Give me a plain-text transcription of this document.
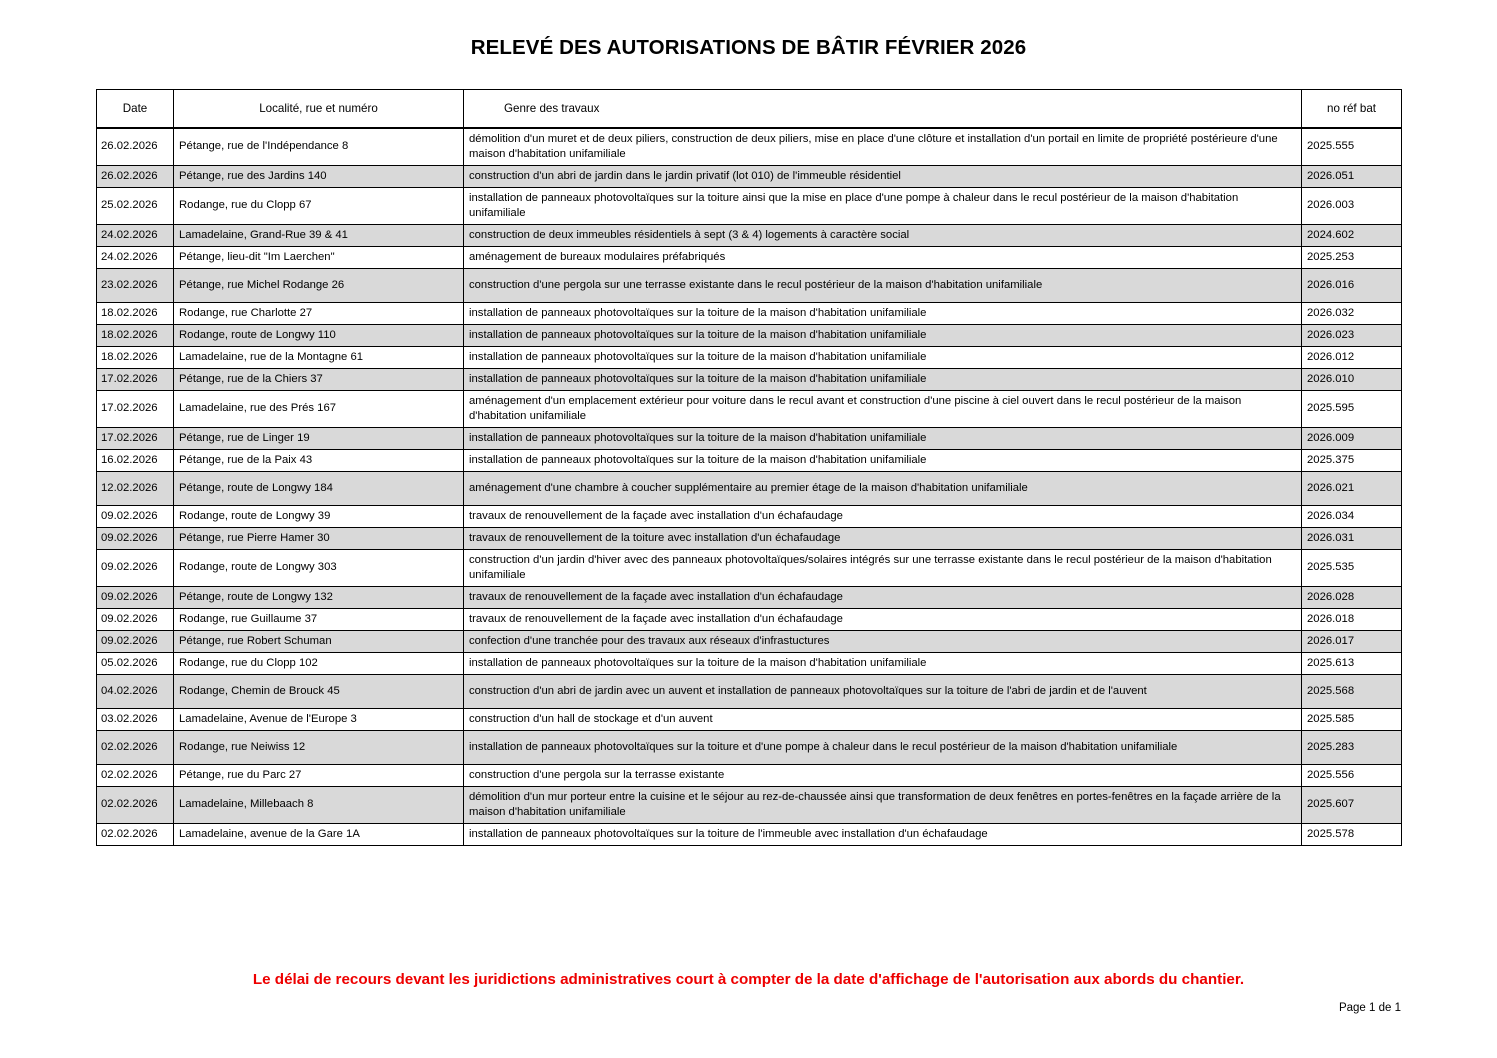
RELEVÉ DES AUTORISATIONS DE BÂTIR FÉVRIER 2026
Date	Localité, rue et numéro	Genre des travaux	no réf bat
26.02.2026	Pétange, rue de l'Indépendance 8	démolition d'un muret et de deux piliers, construction de deux piliers, mise en place d'une clôture et installation d'un portail en limite de propriété postérieure d'une maison d'habitation unifamiliale	2025.555
26.02.2026	Pétange, rue des Jardins 140	construction d'un abri de jardin dans le jardin privatif (lot 010) de l'immeuble résidentiel	2026.051
25.02.2026	Rodange, rue du Clopp 67	installation de panneaux photovoltaïques sur la toiture ainsi que la mise en place d'une pompe à chaleur dans le recul postérieur de la maison d'habitation unifamiliale	2026.003
24.02.2026	Lamadelaine, Grand-Rue 39 & 41	construction de deux immeubles résidentiels à sept (3 & 4) logements à caractère social	2024.602
24.02.2026	Pétange, lieu-dit "Im Laerchen"	aménagement de bureaux modulaires préfabriqués	2025.253
23.02.2026	Pétange, rue Michel Rodange 26	construction d'une pergola sur une terrasse existante dans le recul postérieur de la maison d'habitation unifamiliale	2026.016
18.02.2026	Rodange, rue Charlotte 27	installation de panneaux photovoltaïques sur la toiture de la maison d'habitation unifamiliale	2026.032
18.02.2026	Rodange, route de Longwy 110	installation de panneaux photovoltaïques sur la toiture de la maison d'habitation unifamiliale	2026.023
18.02.2026	Lamadelaine, rue de la Montagne 61	installation de panneaux photovoltaïques sur la toiture de la maison d'habitation unifamiliale	2026.012
17.02.2026	Pétange, rue de la Chiers 37	installation de panneaux photovoltaïques sur la toiture de la maison d'habitation unifamiliale	2026.010
17.02.2026	Lamadelaine, rue des Prés 167	aménagement d'un emplacement extérieur pour voiture dans le recul avant et construction d'une piscine à ciel ouvert dans le recul postérieur de la maison d'habitation unifamiliale	2025.595
17.02.2026	Pétange, rue de Linger 19	installation de panneaux photovoltaïques sur la toiture de la maison d'habitation unifamiliale	2026.009
16.02.2026	Pétange, rue de la Paix 43	installation de panneaux photovoltaïques sur la toiture de la maison d'habitation unifamiliale	2025.375
12.02.2026	Pétange, route de Longwy 184	aménagement d'une chambre à coucher supplémentaire au premier étage de la maison d'habitation unifamiliale	2026.021
09.02.2026	Rodange, route de Longwy 39	travaux de renouvellement de la façade avec installation d'un échafaudage	2026.034
09.02.2026	Pétange, rue Pierre Hamer 30	travaux de renouvellement de la toiture avec installation d'un échafaudage	2026.031
09.02.2026	Rodange, route de Longwy 303	construction d'un jardin d'hiver avec des panneaux photovoltaïques/solaires intégrés sur une terrasse existante dans le recul postérieur de la maison d'habitation unifamiliale	2025.535
09.02.2026	Pétange, route de Longwy 132	travaux de renouvellement de la façade avec installation d'un échafaudage	2026.028
09.02.2026	Rodange, rue Guillaume 37	travaux de renouvellement de la façade avec installation d'un échafaudage	2026.018
09.02.2026	Pétange, rue Robert Schuman	confection d'une tranchée pour des travaux aux réseaux d'infrastuctures	2026.017
05.02.2026	Rodange, rue du Clopp 102	installation de panneaux photovoltaïques sur la toiture de la maison d'habitation unifamiliale	2025.613
04.02.2026	Rodange, Chemin de Brouck 45	construction d'un abri de jardin avec un auvent et installation de panneaux photovoltaïques sur la toiture de l'abri de jardin et de l'auvent	2025.568
03.02.2026	Lamadelaine, Avenue de l'Europe 3	construction d'un hall de stockage et d'un auvent	2025.585
02.02.2026	Rodange, rue Neiwiss 12	installation de panneaux photovoltaïques sur la toiture et d'une pompe à chaleur dans le recul postérieur de la maison d'habitation unifamiliale	2025.283
02.02.2026	Pétange, rue du Parc 27	construction d'une pergola sur la terrasse existante	2025.556
02.02.2026	Lamadelaine, Millebaach 8	démolition d'un mur porteur entre la cuisine et le séjour au rez-de-chaussée ainsi que transformation de deux fenêtres en portes-fenêtres en la façade arrière de la maison d'habitation unifamiliale	2025.607
02.02.2026	Lamadelaine, avenue de la Gare 1A	installation de panneaux photovoltaïques sur la toiture de l'immeuble avec installation d'un échafaudage	2025.578
Le délai de recours devant les juridictions administratives court à compter de la date d'affichage de l'autorisation aux abords du chantier.
Page 1 de 1
